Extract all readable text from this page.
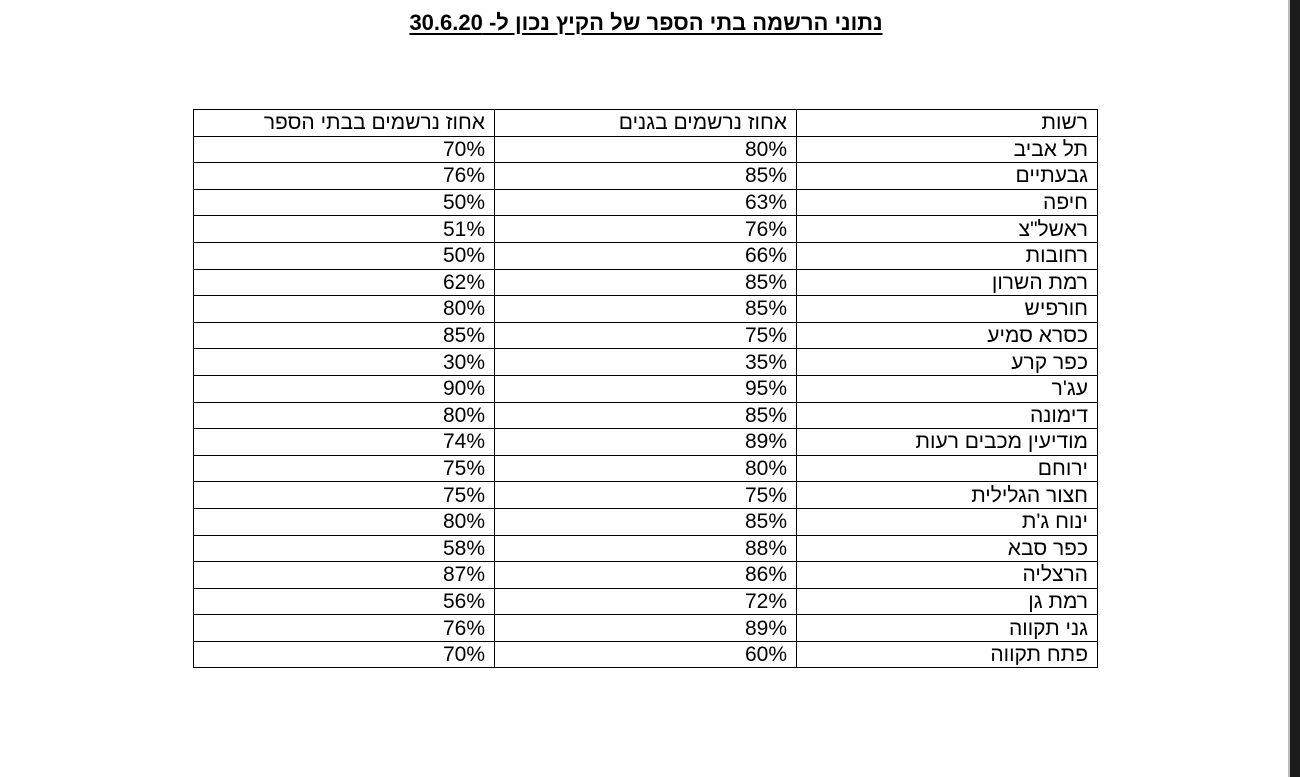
נתוני הרשמה בתי הספר של הקיץ נכון ל- 30.6.20
רשות	אחוז נרשמים בגנים	אחוז נרשמים בבתי הספר
תל אביב	80%	70%
גבעתיים	85%	76%
חיפה	63%	50%
ראשל"צ	76%	51%
רחובות	66%	50%
רמת השרון	85%	62%
חורפיש	85%	80%
כסרא סמיע	75%	85%
כפר קרע	35%	30%
עג'ר	95%	90%
דימונה	85%	80%
מודיעין מכבים רעות	89%	74%
ירוחם	80%	75%
חצור הגלילית	75%	75%
ינוח ג'ת	85%	80%
כפר סבא	88%	58%
הרצליה	86%	87%
רמת גן	72%	56%
גני תקווה	89%	76%
פתח תקווה	60%	70%
